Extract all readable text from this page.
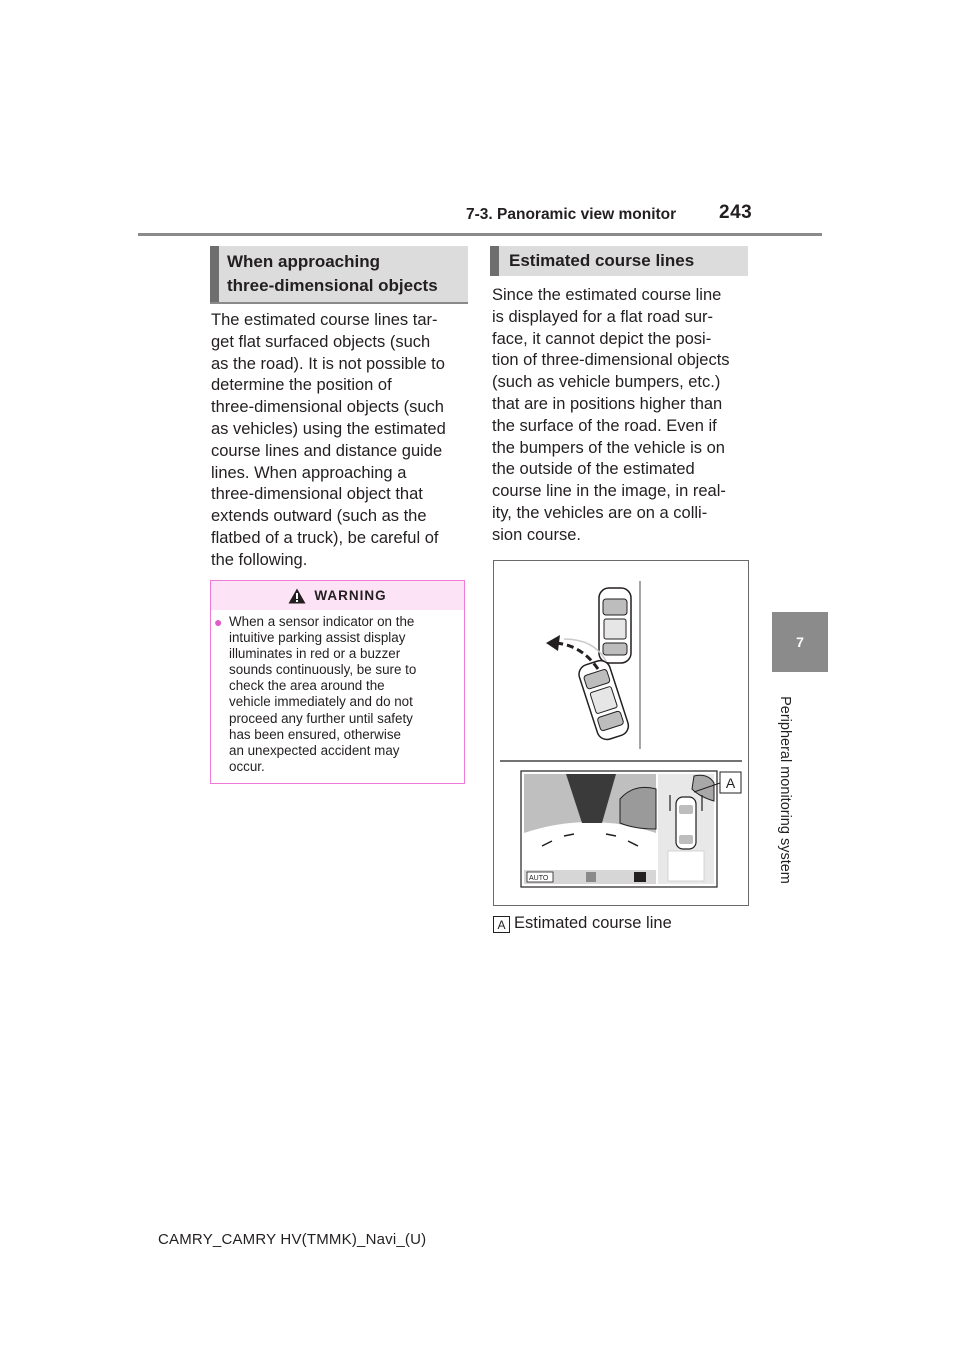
7-3. Panoramic view monitor 243
7
Peripheral monitoring system
When approaching
three-dimensional objects
The estimated course lines tar-
get flat surfaced objects (such
as the road). It is not possible to
determine the position of
three-dimensional objects (such
as vehicles) using the estimated
course lines and distance guide
lines. When approaching a
three-dimensional object that
extends outward (such as the
flatbed of a truck), be careful of
the following.
WARNING
● When a sensor indicator on the
intuitive parking assist display
illuminates in red or a buzzer
sounds continuously, be sure to
check the area around the
vehicle immediately and do not
proceed any further until safety
has been ensured, otherwise
an unexpected accident may
occur.
Estimated course lines
Since the estimated course line
is displayed for a flat road sur-
face, it cannot depict the posi-
tion of three-dimensional objects
(such as vehicle bumpers, etc.)
that are in positions higher than
the surface of the road. Even if
the bumpers of the vehicle is on
the outside of the estimated
course line in the image, in real-
ity, the vehicles are on a colli-
sion course.
AUTO
A
A Estimated course line
CAMRY_CAMRY HV(TMMK)_Navi_(U)
